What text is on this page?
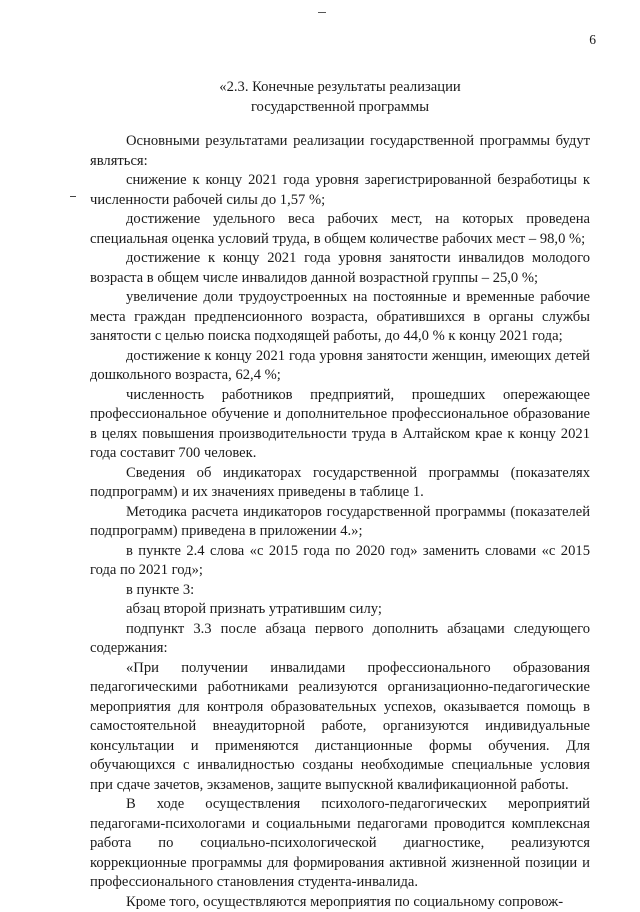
6
«2.3. Конечные результаты реализации
государственной программы

Основными результатами реализации государственной программы будут являться:

снижение к концу 2021 года уровня зарегистрированной безработицы к численности рабочей силы до 1,57 %;

достижение удельного веса рабочих мест, на которых проведена специальная оценка условий труда, в общем количестве рабочих мест – 98,0 %;

достижение к концу 2021 года уровня занятости инвалидов молодого возраста в общем числе инвалидов данной возрастной группы – 25,0 %;

увеличение доли трудоустроенных на постоянные и временные рабочие места граждан предпенсионного возраста, обратившихся в органы службы занятости с целью поиска подходящей работы, до 44,0 % к концу 2021 года;

достижение к концу 2021 года уровня занятости женщин, имеющих детей дошкольного возраста, 62,4 %;

численность работников предприятий, прошедших опережающее профессиональное обучение и дополнительное профессиональное образование в целях повышения производительности труда в Алтайском крае к концу 2021 года составит 700 человек.

Сведения об индикаторах государственной программы (показателях подпрограмм) и их значениях приведены в таблице 1.

Методика расчета индикаторов государственной программы (показателей подпрограмм) приведена в приложении 4.»;

в пункте 2.4 слова «с 2015 года по 2020 год» заменить словами «с 2015 года по 2021 год»;

в пункте 3:

абзац второй признать утратившим силу;

подпункт 3.3 после абзаца первого дополнить абзацами следующего содержания:

«При получении инвалидами профессионального образования педагогическими работниками реализуются организационно-педагогические мероприятия для контроля образовательных успехов, оказывается помощь в самостоятельной внеаудиторной работе, организуются индивидуальные консультации и применяются дистанционные формы обучения. Для обучающихся с инвалидностью созданы необходимые специальные условия при сдаче зачетов, экзаменов, защите выпускной квалификационной работы.

В ходе осуществления психолого-педагогических мероприятий педагогами-психологами и социальными педагогами проводится комплексная работа по социально-психологической диагностике, реализуются коррекционные программы для формирования активной жизненной позиции и профессионального становления студента-инвалида.

Кроме того, осуществляются мероприятия по социальному сопровож-
